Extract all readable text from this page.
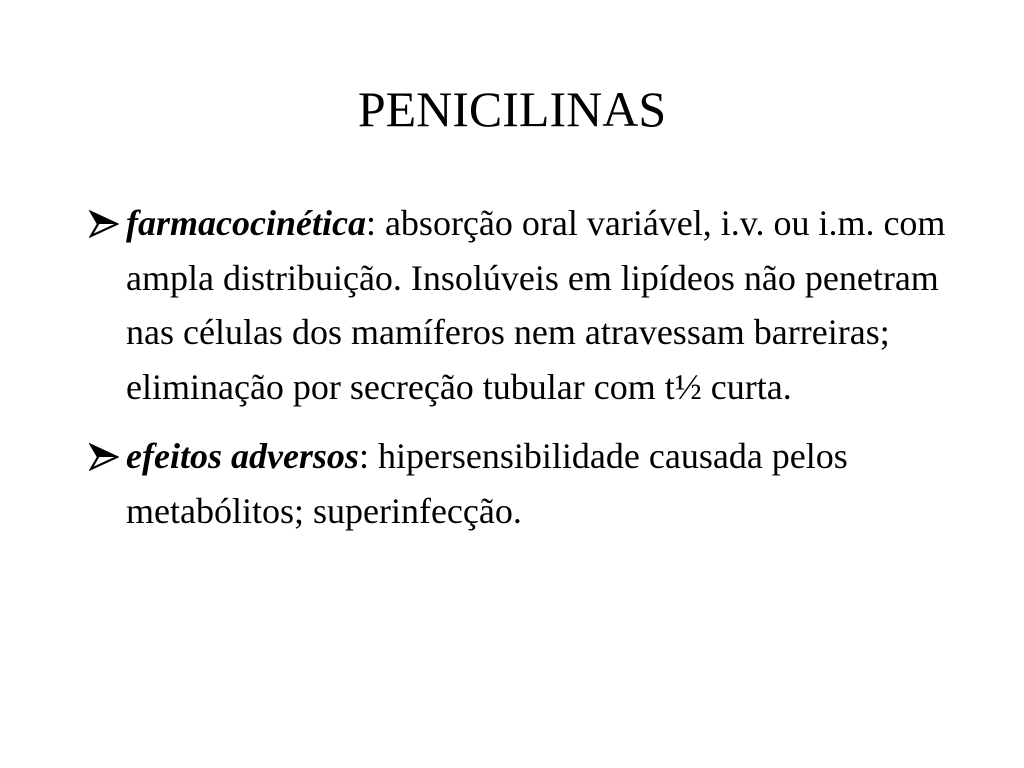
PENICILINAS
farmacocinética: absorção oral variável, i.v. ou i.m. com ampla distribuição. Insolúveis em lipídeos não penetram nas células dos mamíferos nem atravessam barreiras; eliminação por secreção tubular com t½ curta.
efeitos adversos: hipersensibilidade causada pelos metabólitos; superinfecção.
